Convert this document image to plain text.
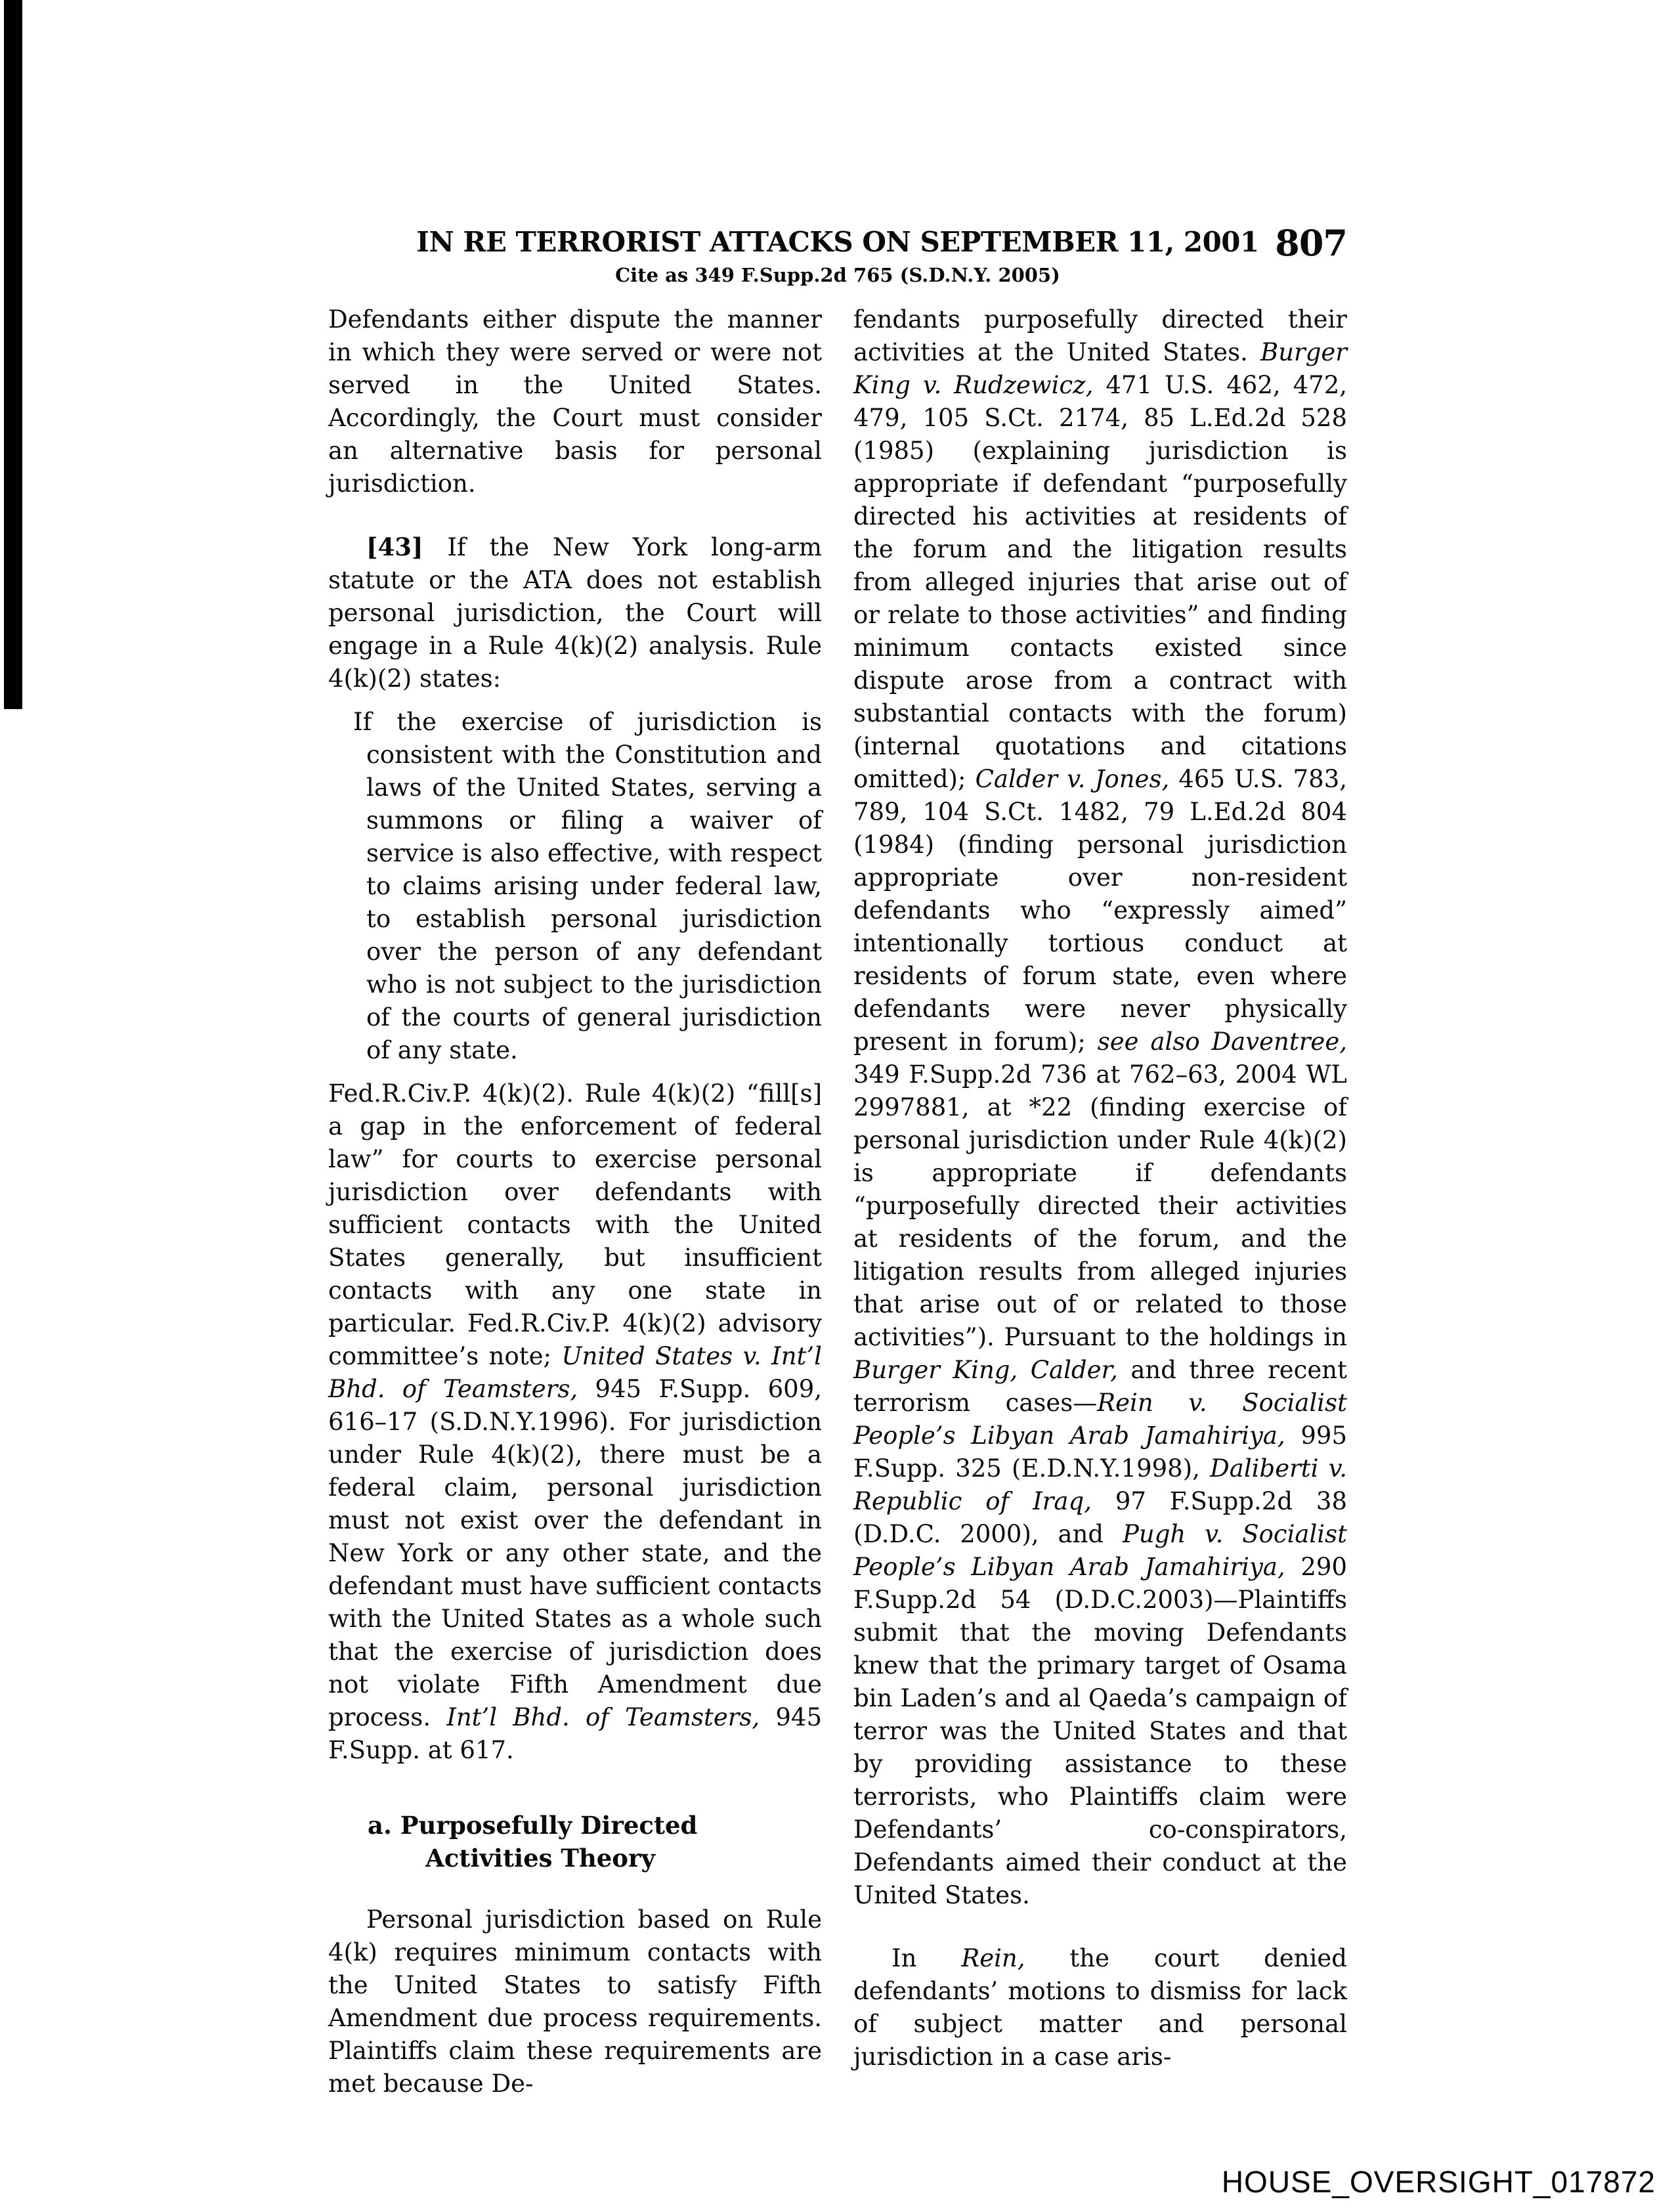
IN RE TERRORIST ATTACKS ON SEPTEMBER 11, 2001 807
Cite as 349 F.Supp.2d 765 (S.D.N.Y. 2005)

Defendants either dispute the manner in which they were served or were not served in the United States. Accordingly, the Court must consider an alternative basis for personal jurisdiction.

[43] If the New York long-arm statute or the ATA does not establish personal jurisdiction, the Court will engage in a Rule 4(k)(2) analysis. Rule 4(k)(2) states:

If the exercise of jurisdiction is consistent with the Constitution and laws of the United States, serving a summons or filing a waiver of service is also effective, with respect to claims arising under federal law, to establish personal jurisdiction over the person of any defendant who is not subject to the jurisdiction of the courts of general jurisdiction of any state.

Fed.R.Civ.P. 4(k)(2). Rule 4(k)(2) “fill[s] a gap in the enforcement of federal law” for courts to exercise personal jurisdiction over defendants with sufficient contacts with the United States generally, but insufficient contacts with any one state in particular. Fed.R.Civ.P. 4(k)(2) advisory committee’s note; United States v. Int’l Bhd. of Teamsters, 945 F.Supp. 609, 616–17 (S.D.N.Y.1996). For jurisdiction under Rule 4(k)(2), there must be a federal claim, personal jurisdiction must not exist over the defendant in New York or any other state, and the defendant must have sufficient contacts with the United States as a whole such that the exercise of jurisdiction does not violate Fifth Amendment due process. Int’l Bhd. of Teamsters, 945 F.Supp. at 617.

a. Purposefully Directed Activities Theory

Personal jurisdiction based on Rule 4(k) requires minimum contacts with the United States to satisfy Fifth Amendment due process requirements. Plaintiffs claim these requirements are met because De-

fendants purposefully directed their activities at the United States. Burger King v. Rudzewicz, 471 U.S. 462, 472, 479, 105 S.Ct. 2174, 85 L.Ed.2d 528 (1985) (explaining jurisdiction is appropriate if defendant “purposefully directed his activities at residents of the forum and the litigation results from alleged injuries that arise out of or relate to those activities” and finding minimum contacts existed since dispute arose from a contract with substantial contacts with the forum) (internal quotations and citations omitted); Calder v. Jones, 465 U.S. 783, 789, 104 S.Ct. 1482, 79 L.Ed.2d 804 (1984) (finding personal jurisdiction appropriate over non-resident defendants who “expressly aimed” intentionally tortious conduct at residents of forum state, even where defendants were never physically present in forum); see also Daventree, 349 F.Supp.2d 736 at 762–63, 2004 WL 2997881, at *22 (finding exercise of personal jurisdiction under Rule 4(k)(2) is appropriate if defendants “purposefully directed their activities at residents of the forum, and the litigation results from alleged injuries that arise out of or related to those activities”). Pursuant to the holdings in Burger King, Calder, and three recent terrorism cases—Rein v. Socialist People’s Libyan Arab Jamahiriya, 995 F.Supp. 325 (E.D.N.Y.1998), Daliberti v. Republic of Iraq, 97 F.Supp.2d 38 (D.D.C. 2000), and Pugh v. Socialist People’s Libyan Arab Jamahiriya, 290 F.Supp.2d 54 (D.D.C.2003)—Plaintiffs submit that the moving Defendants knew that the primary target of Osama bin Laden’s and al Qaeda’s campaign of terror was the United States and that by providing assistance to these terrorists, who Plaintiffs claim were Defendants’ co-conspirators, Defendants aimed their conduct at the United States.

In Rein, the court denied defendants’ motions to dismiss for lack of subject matter and personal jurisdiction in a case aris-

HOUSE_OVERSIGHT_017872
